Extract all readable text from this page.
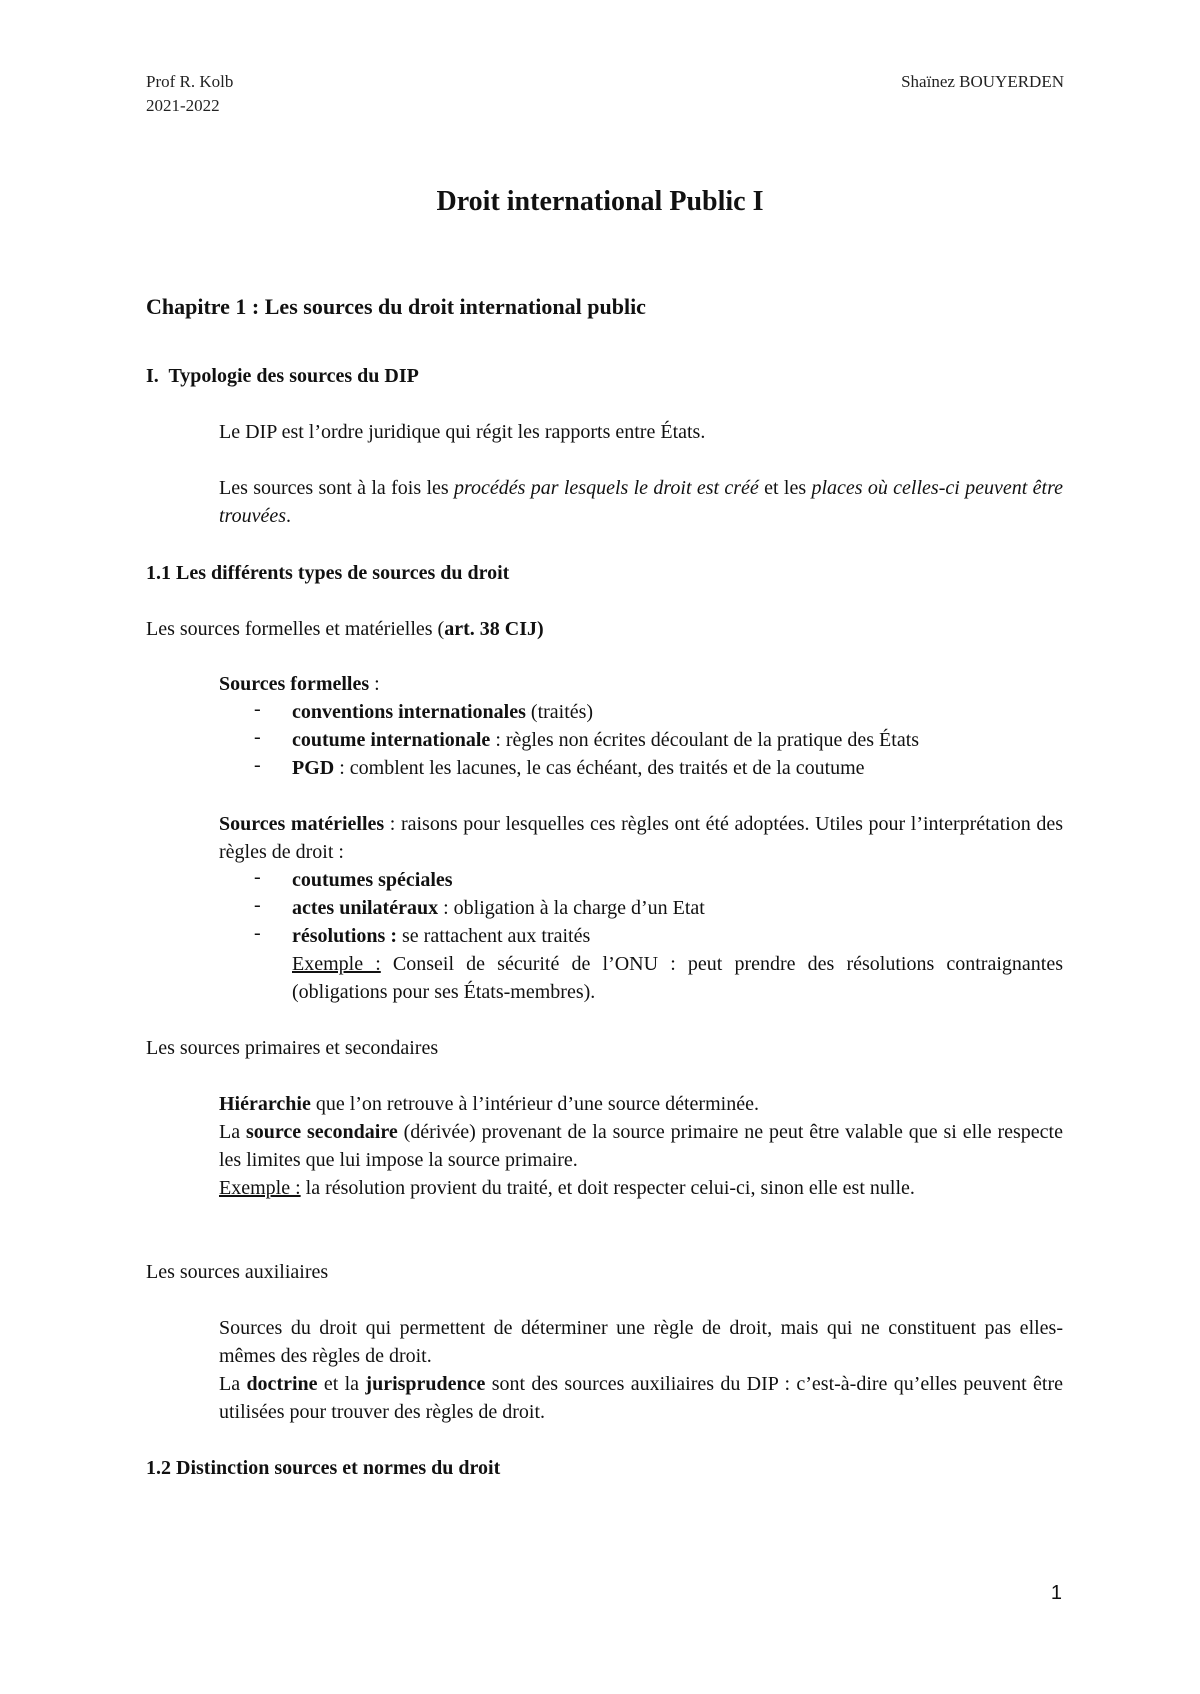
Prof R. Kolb
2021-2022
Shaïnez BOUYERDEN
Droit international Public I
Chapitre 1 : Les sources du droit international public
I. Typologie des sources du DIP
Le DIP est l’ordre juridique qui régit les rapports entre États.
Les sources sont à la fois les procédés par lesquels le droit est créé et les places où celles-ci peuvent être trouvées.
1.1 Les différents types de sources du droit
Les sources formelles et matérielles (art. 38 CIJ)
Sources formelles :
- conventions internationales (traités)
- coutume internationale : règles non écrites découlant de la pratique des États
- PGD : comblent les lacunes, le cas échéant, des traités et de la coutume
Sources matérielles : raisons pour lesquelles ces règles ont été adoptées. Utiles pour l’interprétation des règles de droit :
- coutumes spéciales
- actes unilatéraux : obligation à la charge d’un Etat
- résolutions : se rattachent aux traités
Exemple : Conseil de sécurité de l’ONU : peut prendre des résolutions contraignantes (obligations pour ses États-membres).
Les sources primaires et secondaires
Hiérarchie que l’on retrouve à l’intérieur d’une source déterminée.
La source secondaire (dérivée) provenant de la source primaire ne peut être valable que si elle respecte les limites que lui impose la source primaire.
Exemple : la résolution provient du traité, et doit respecter celui-ci, sinon elle est nulle.
Les sources auxiliaires
Sources du droit qui permettent de déterminer une règle de droit, mais qui ne constituent pas elles-mêmes des règles de droit.
La doctrine et la jurisprudence sont des sources auxiliaires du DIP : c’est-à-dire qu’elles peuvent être utilisées pour trouver des règles de droit.
1.2 Distinction sources et normes du droit
1
